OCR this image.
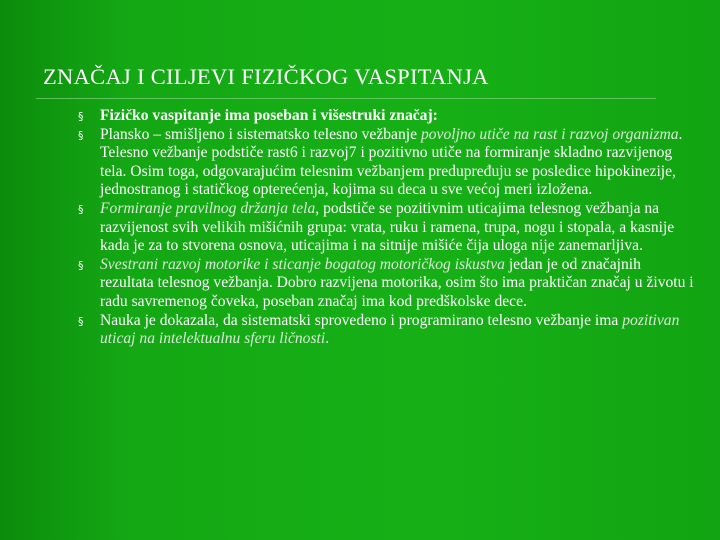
ZNAČAJ I CILJEVI FIZIČKOG VASPITANJA
§ Fizičko vaspitanje ima poseban i višestruki značaj:
§ Plansko – smišljeno i sistematsko telesno vežbanje povoljno utiče na rast i razvoj organizma. Telesno vežbanje podstiče rast6 i razvoj7 i pozitivno utiče na formiranje skladno razvijenog tela. Osim toga, odgovarajućim telesnim vežbanjem predupređuju se posledice hipokinezije, jednostranog i statičkog opterećenja, kojima su deca u sve većoj meri izložena.
§ Formiranje pravilnog držanja tela, podstiče se pozitivnim uticajima telesnog vežbanja na razvijenost svih velikih mišićnih grupa: vrata, ruku i ramena, trupa, nogu i stopala, a kasnije kada je za to stvorena osnova, uticajima i na sitnije mišiće čija uloga nije zanemarljiva.
§ Svestrani razvoj motorike i sticanje bogatog motoričkog iskustva jedan je od značajnih rezultata telesnog vežbanja. Dobro razvijena motorika, osim što ima praktičan značaj u životu i radu savremenog čoveka, poseban značaj ima kod predškolske dece.
§ Nauka je dokazala, da sistematski sprovedeno i programirano telesno vežbanje ima pozitivan uticaj na intelektualnu sferu ličnosti.
